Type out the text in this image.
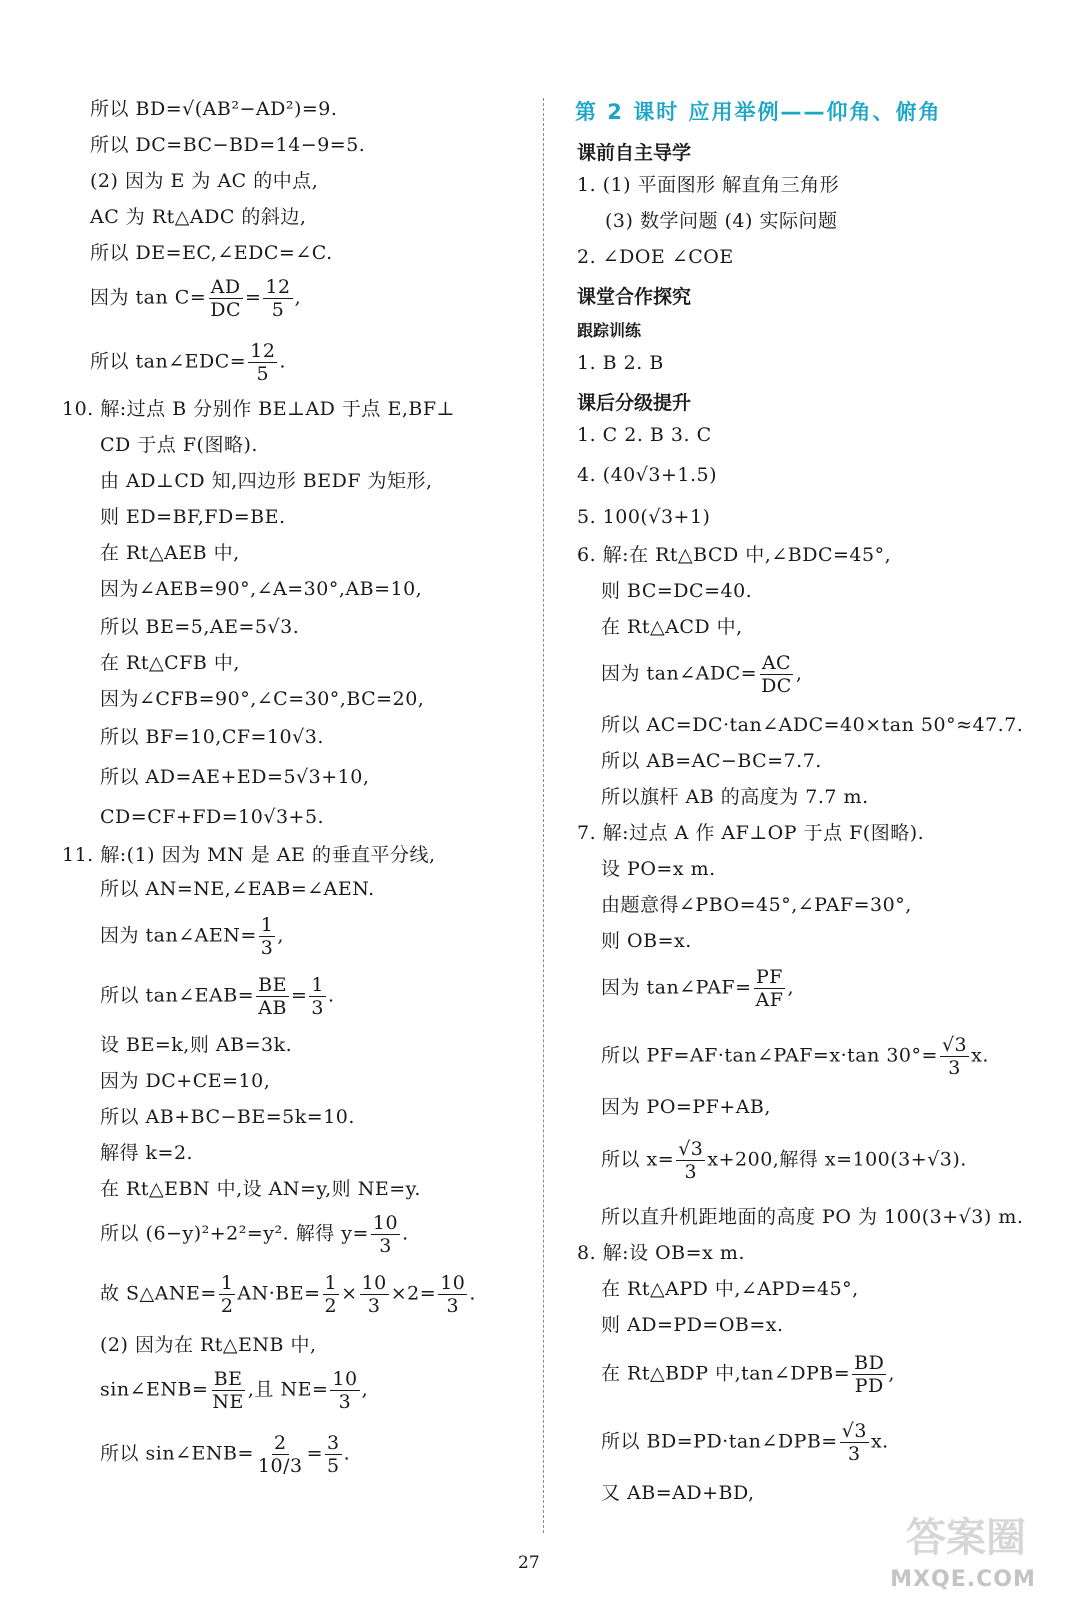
所以 BD=√(AB²−AD²)=9.
所以 DC=BC−BD=14−9=5.
(2) 因为 E 为 AC 的中点,
AC 为 Rt△ADC 的斜边,
所以 DE=EC,∠EDC=∠C.
因为 $\tan C= \frac{AD}{DC} = \frac{12}{5}$ ,
所以 tan∠EDC= $\frac{12}{5}$ .
10. 解:过点 B 分别作 BE⊥AD 于点 E,BF⊥
CD 于点 F(图略).
由 AD⊥CD 知,四边形 BEDF 为矩形,
则 ED=BF,FD=BE.
在 Rt△AEB 中,
因为∠AEB=90°,∠A=30°,AB=10,
所以 BE=5,AE=5√3.
在 Rt△CFB 中,
因为∠CFB=90°,∠C=30°,BC=20,
所以 BF=10,CF=10√3.
所以 AD=AE+ED=5√3+10,
CD=CF+FD=10√3+5.
11. 解:(1) 因为 MN 是 AE 的垂直平分线,
所以 AN=NE,∠EAB=∠AEN.
因为 tan∠AEN= $\frac{1}{3}$ ,
所以 tan∠EAB= $\frac{BE}{AB} = \frac{1}{3}$ .
设 BE=k,则 AB=3k.
因为 DC+CE=10,
所以 AB+BC−BE=5k=10.
解得 k=2.
在 Rt△EBN 中,设 AN=y,则 NE=y.
所以 (6−y)²+2²=y². 解得 $y= \frac{10}{3}$ .
故 S△ANE= $\frac{1}{2} AN\cdot BE= \frac{1}{2} \times \frac{10}{3} \times 2= \frac{10}{3}$ .
(2) 因为在 Rt△ENB 中,
sin∠ENB= $\frac{BE}{NE}$ ,且 $NE= \frac{10}{3}$ ,
所以 sin∠ENB= $\frac{2}{10/3} = \frac{3}{5}$ .
第 2 课时 应用举例——仰角、俯角
课前自主导学
1. (1) 平面图形 解直角三角形
(3) 数学问题 (4) 实际问题
2. ∠DOE ∠COE
课堂合作探究
跟踪训练
1. B 2. B
课后分级提升
1. C 2. B 3. C
4. (40√3+1.5)
5. 100(√3+1)
6. 解:在 Rt△BCD 中,∠BDC=45°,
则 BC=DC=40.
在 Rt△ACD 中,
因为 tan∠ADC= $\frac{AC}{DC}$ ,
所以 AC=DC·tan∠ADC=40×tan 50°≈47.7.
所以 AB=AC−BC=7.7.
所以旗杆 AB 的高度为 7.7 m.
7. 解:过点 A 作 AF⊥OP 于点 F(图略).
设 PO=x m.
由题意得∠PBO=45°,∠PAF=30°,
则 OB=x.
因为 tan∠PAF= $\frac{PF}{AF}$ ,
所以 PF=AF·tan∠PAF=x·tan $30^\circ= \frac{√3}{3} x$.
因为 PO=PF+AB,
所以 $x= \frac{√3}{3} x+200$,解得 x=100(3+√3).
所以直升机距地面的高度 PO 为 100(3+√3) m.
8. 解:设 OB=x m.
在 Rt△APD 中,∠APD=45°,
则 AD=PD=OB=x.
在 Rt△BDP 中,tan∠DPB= $\frac{BD}{PD}$ ,
所以 BD=PD·tan∠DPB= $\frac{√3}{3} x$.
又 AB=AD+BD,
27
答案圈
MXQE.COM
